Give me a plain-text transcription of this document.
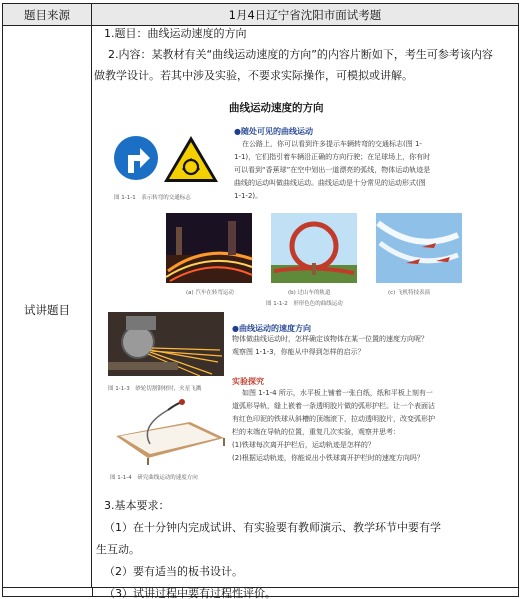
题目来源	1月4日辽宁省沈阳市面试考题
试讲题目
1.题目：曲线运动速度的方向
2.内容：某教材有关“曲线运动速度的方向”的内容片断如下，考生可参考该内容
做教学设计。若其中涉及实验，不要求实际操作，可模拟或讲解。
曲线运动速度的方向
图 1-1-1　表示转弯的交通标志
●随处可见的曲线运动
在公路上，你可以看到许多提示车辆转弯的交通标志(图 1-
1-1)，它们指引着车辆沿正确的方向行驶；在足球场上，你有时
可以看到“香蕉球”在空中划出一道漂亮的弧线，物体运动轨迹是
曲线的运动叫做曲线运动。曲线运动是十分常见的运动形式(图
1-1-2)。
(a) 汽车在转弯运动	(b) 过山车的轨道	(c) 飞机特技表演
图 1-1-2　形形色色的曲线运动
图 1-1-3　砂轮切割钢材时，火星飞溅
●曲线运动的速度方向
物体做曲线运动时，怎样确定该物体在某一位置的速度方向呢？
观察图 1-1-3，你能从中得到怎样的启示？
实验探究
图 1-1-4　研究曲线运动的速度方向
如图 1-1-4 所示，水平板上铺着一张白纸，纸和平板上刻有一
道弧形导轨，缝上嵌着一条透明胶片做的弧形护栏。让一个表面沾
有红色印泥的铁球从斜槽的顶端滚下，拉动透明胶片，改变弧形护
栏的末端在导轨的位置，重复几次实验，观察并思考：
(1)铁球每次离开护栏后，运动轨迹是怎样的？
(2)根据运动轨迹，你能说出小铁球离开护栏时的速度方向吗？
3.基本要求：
（1）在十分钟内完成试讲、有实验要有教师演示、教学环节中要有学
生互动。
（2）要有适当的板书设计。
（3）试讲过程中要有过程性评价。
